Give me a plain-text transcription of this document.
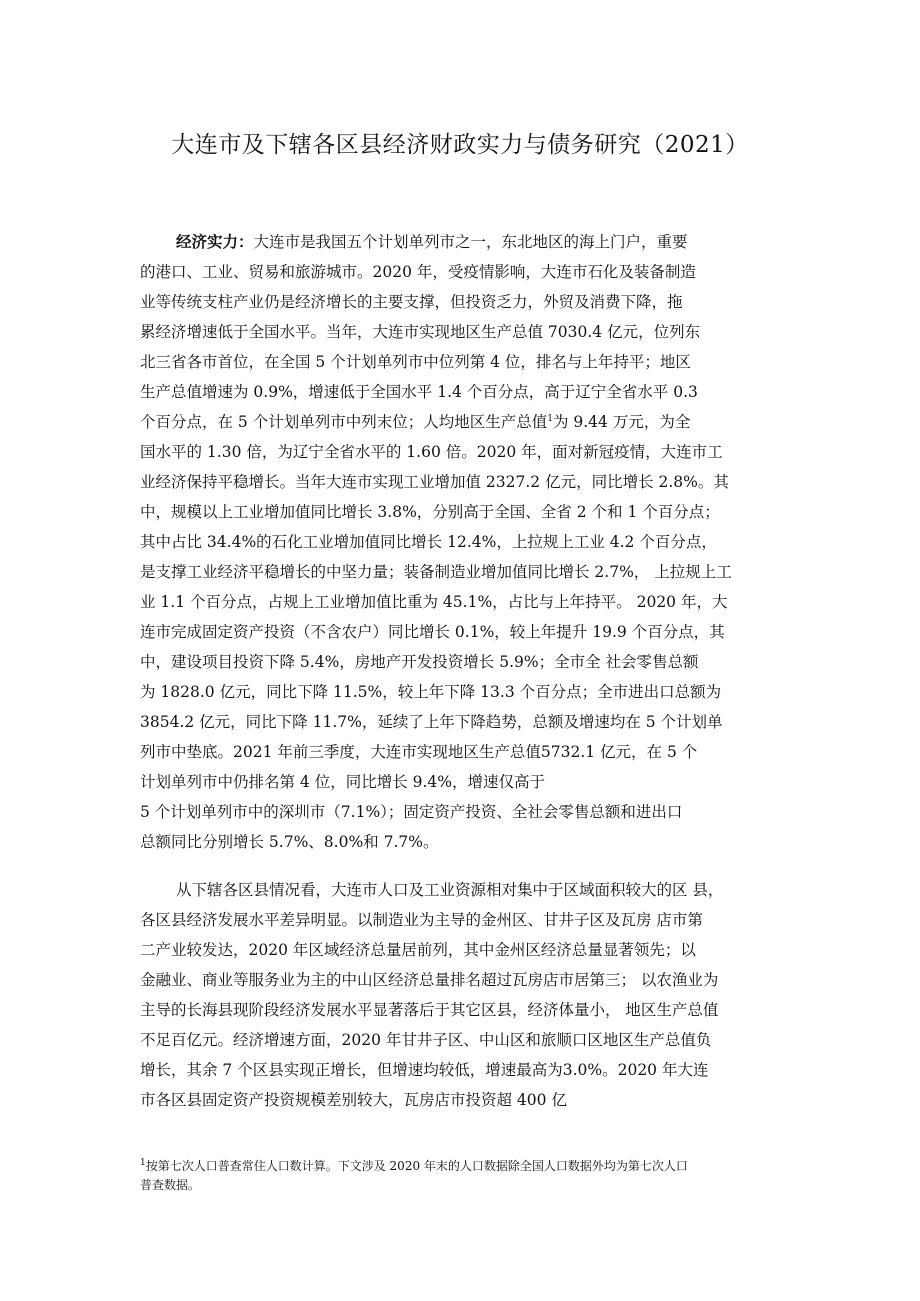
大连市及下辖各区县经济财政实力与债务研究（2021）
经济实力：大连市是我国五个计划单列市之一，东北地区的海上门户，重要
的港口、工业、贸易和旅游城市。2020 年，受疫情影响，大连市石化及装备制造
业等传统支柱产业仍是经济增长的主要支撑，但投资乏力，外贸及消费下降，拖
累经济增速低于全国水平。当年，大连市实现地区生产总值 7030.4 亿元，位列东
北三省各市首位，在全国 5 个计划单列市中位列第 4 位，排名与上年持平；地区
生产总值增速为 0.9%，增速低于全国水平 1.4 个百分点，高于辽宁全省水平 0.3
个百分点，在 5 个计划单列市中列末位；人均地区生产总值$^1$为 9.44 万元，为全
国水平的 1.30 倍，为辽宁全省水平的 1.60 倍。2020 年，面对新冠疫情，大连市工
业经济保持平稳增长。当年大连市实现工业增加值 2327.2 亿元，同比增长 2.8%。其
中，规模以上工业增加值同比增长 3.8%，分别高于全国、全省 2 个和 1 个百分点；
其中占比 34.4%的石化工业增加值同比增长 12.4%，上拉规上工业 4.2 个百分点，
是支撑工业经济平稳增长的中坚力量；装备制造业增加值同比增长 2.7%， 上拉规上工
业 1.1 个百分点，占规上工业增加值比重为 45.1%，占比与上年持平。 2020 年，大
连市完成固定资产投资（不含农户）同比增长 0.1%，较上年提升 19.9 个百分点，其
中，建设项目投资下降 5.4%，房地产开发投资增长 5.9%；全市全 社会零售总额
为 1828.0 亿元，同比下降 11.5%，较上年下降 13.3 个百分点；全市进出口总额为
3854.2 亿元，同比下降 11.7%，延续了上年下降趋势，总额及增速均在 5 个计划单
列市中垫底。2021 年前三季度，大连市实现地区生产总值5732.1 亿元，在 5 个
计划单列市中仍排名第 4 位，同比增长 9.4%，增速仅高于
5 个计划单列市中的深圳市（7.1%）；固定资产投资、全社会零售总额和进出口
总额同比分别增长 5.7%、8.0%和 7.7%。
从下辖各区县情况看，大连市人口及工业资源相对集中于区域面积较大的区 县，
各区县经济发展水平差异明显。以制造业为主导的金州区、甘井子区及瓦房 店市第
二产业较发达，2020 年区域经济总量居前列，其中金州区经济总量显著领先；以
金融业、商业等服务业为主的中山区经济总量排名超过瓦房店市居第三； 以农渔业为
主导的长海县现阶段经济发展水平显著落后于其它区县，经济体量小， 地区生产总值
不足百亿元。经济增速方面，2020 年甘井子区、中山区和旅顺口区地区生产总值负
增长，其余 7 个区县实现正增长，但增速均较低，增速最高为3.0%。2020 年大连
市各区县固定资产投资规模差别较大，瓦房店市投资超 400 亿
$^1$按第七次人口普查常住人口数计算。下文涉及 2020 年末的人口数据除全国人口数据外均为第七次人口
普查数据。
